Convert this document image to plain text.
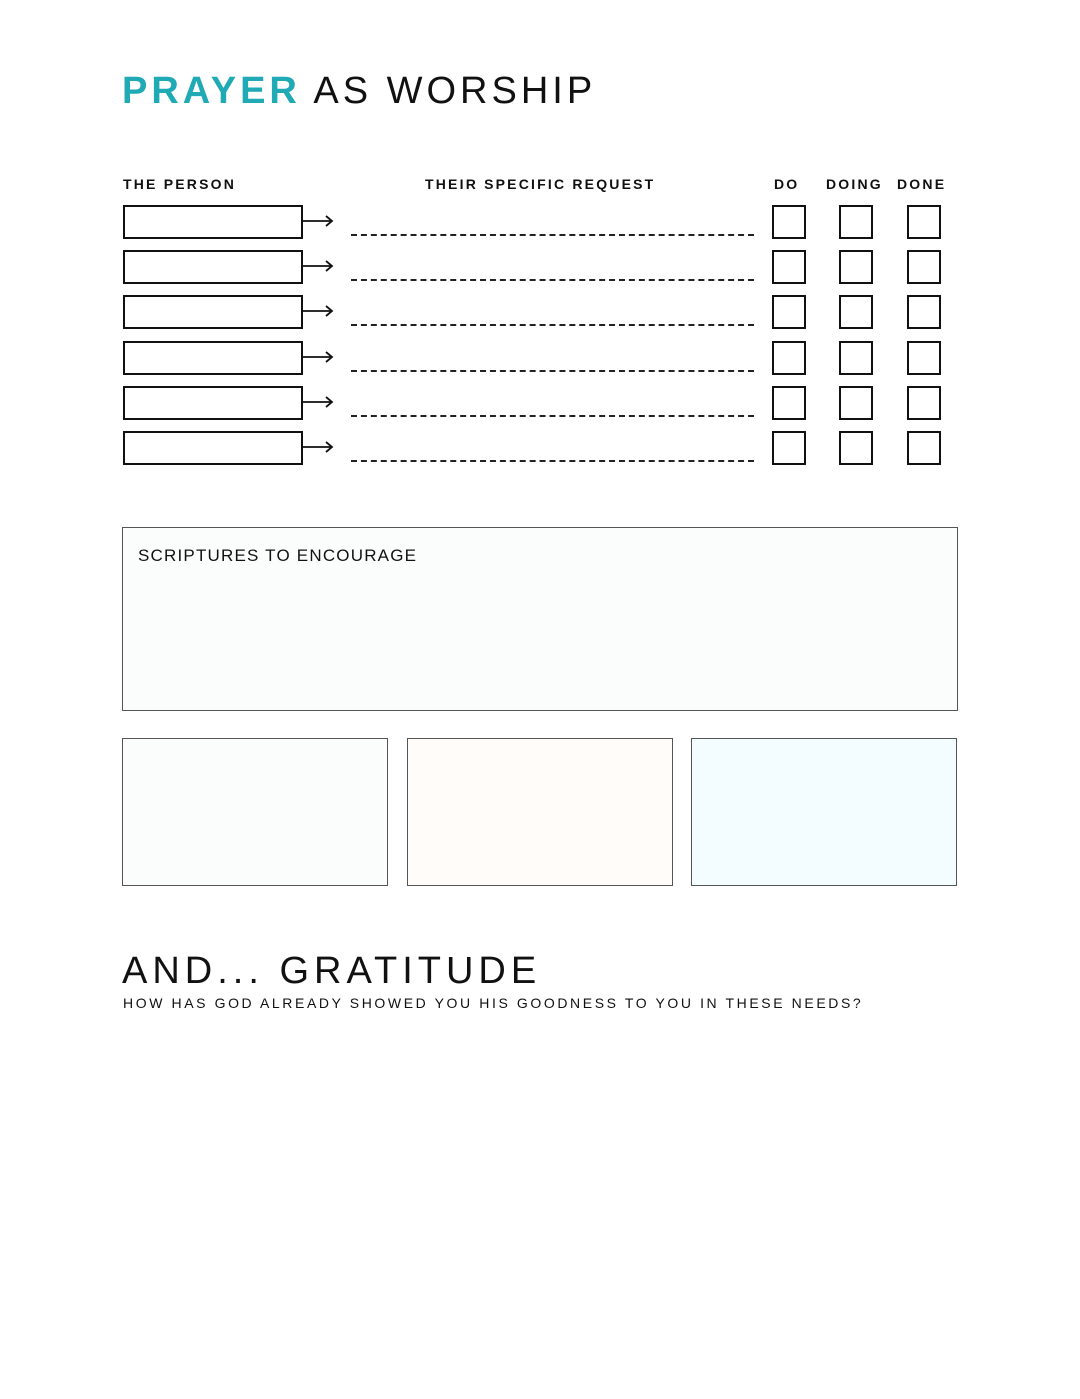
PRAYER AS WORSHIP
THE PERSON	THEIR SPECIFIC REQUEST	DO DOING DONE
SCRIPTURES TO ENCOURAGE
AND... GRATITUDE

HOW HAS GOD ALREADY SHOWED YOU HIS GOODNESS TO YOU IN THESE NEEDS?
